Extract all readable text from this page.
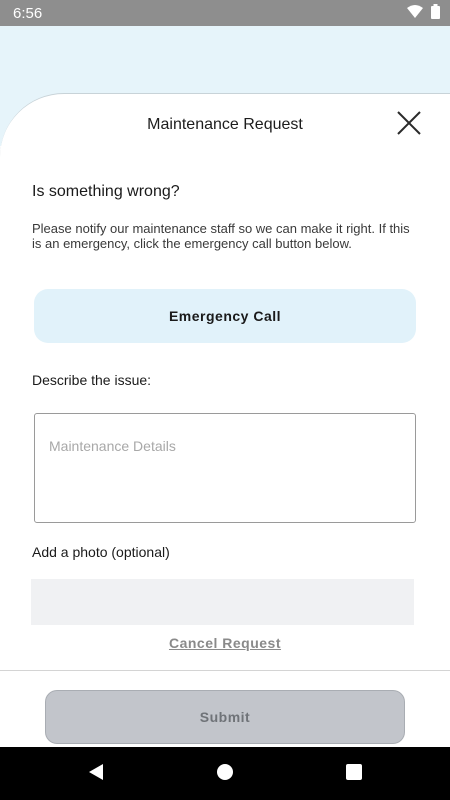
6:56
Maintenance Request
Is something wrong?
Please notify our maintenance staff so we can make it right. If this is an emergency, click the emergency call button below.
Emergency Call
Describe the issue:
Maintenance Details
Add a photo (optional)
Cancel Request
Submit
